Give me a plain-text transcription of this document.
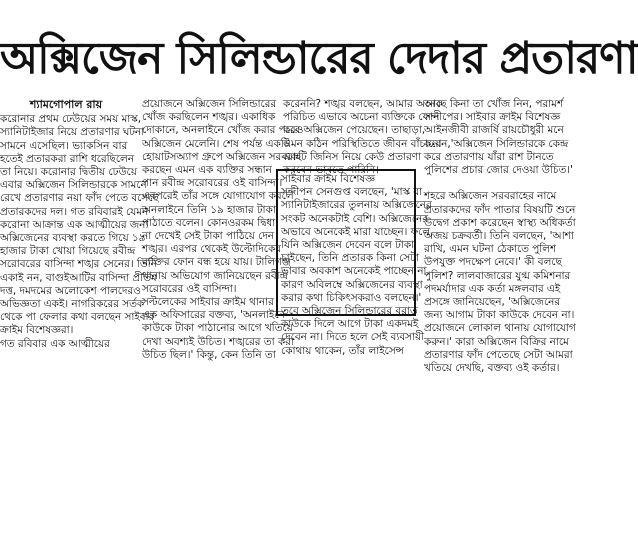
অক্সিজেন সিলিন্ডারের দেদার প্রতারণা
শ্যামগোপাল রায়
করোনার প্রথম ঢেউয়ের সময় মাস্ক,
স্যানিটাইজার নিয়ে প্রতারণার ঘটনা
সামনে এসেছিল। ভ্যাকসিন বার
হতেই প্রতারকরা রাশি ধরেছিলেন
তা নিয়ে। করোনার দ্বিতীয় ঢেউয়ে
এবার অক্সিজেন সিলিন্ডারকে সামনে
রেখে প্রতারণার নয়া ফাঁদ পেতে বসেছে
প্রতারকদের দল। গত রবিবারই যেমন
করোনা আক্রান্ত এক আত্মীয়ের জন্য
অক্সিজেনের ব্যবস্থা করতে গিয়ে ১৯
হাজার টাকা খোয়া গিয়েছে রবীন্দ্র
সরোবরের বাসিন্দা শঙ্খর সেনের। তিনি
একাই নন, বাগুইআটির বাসিন্দা প্রীতম
দত্ত, দমদমের অলোকেশ পালদেরও
অভিজ্ঞতা একই। নাগরিকরের সর্তক
থেকে পা ফেলার কথা বলছেন সাইবার
ক্রাইম বিশেষজ্ঞরা।
গত রবিবার এক আত্মীয়ের
প্রয়োজনে অক্সিজেন সিলিন্ডারের
খোঁজ করছিলেন শঙ্খর। একাধিক
দোকানে, অনলাইনে খোঁজ করার পরেও
অক্সিজেন মেলেনি। শেষ পর্যন্ত একটি
হোয়াটসঅ্যাপ গ্রুপে অক্সিজেন সরবরাহ
করছেন এমন এক ব্যক্তির সন্ধান
পান রবীন্দ্র সরোবরের ওই বাসিন্দা।
এরপরেই তাঁর সঙ্গে যোগাযোগ করলে
অনলাইনে তিনি ১৯ হাজার টাকা
পাঠাতে বলেন। কোনওরকম দ্বিধা
না দেখেই সেই টাকা পাঠিয়ে দেন
শঙ্খর। এরপর থেকেই উল্টোদিকের
ব্যক্তির ফোন বন্ধ হয়ে যায়। টালিগঞ্জ
থানায় অভিযোগ জানিয়েছেন রবীন্দ্র
সরোবরের ওই বাসিন্দা।
সল্টলেকের সাইবার ক্রাইম থানার
এক অফিসারের বক্তব্য, 'অনলাইনে
কাউকে টাকা পাঠানোর আগে খতিয়ে
দেখা অবশ্যই উচিত। শঙ্খরের তা করা
উচিত ছিল।' কিন্তু, কেন তিনি তা
করেননি? শঙ্খর বলছেন, আমার অনেক
পরিচিত এভাবে অচেনা ব্যক্তিকে ফোন
করে অক্সিজেন পেয়েছেন। তাছাড়া,
এমন কঠিন পরিস্থিতিতে জীবন বাঁচানো
একটি জিনিস নিয়ে কেউ প্রতারণা
করবেন ভাবতে পারিনি।
সাইবার ক্রাইম বিশেষজ্ঞ
সন্দীপন সেনগুপ্ত বলছেন, 'মাস্ক বা
স্যানিটাইজারের তুলনায় অক্সিজেনের
সংকট অনেকটাই বেশি। অক্সিজেনের
অভাবে অনেকেই মারা যাচ্ছেন। ফলে,
যিনি অক্সিজেন দেবেন বলে টাকা
চাইছেন, তিনি প্রতারক কিনা সেটা
ভাবার অবকাশ অনেকেই পাচ্ছেন না,
কারণ অবিলম্বে অক্সিজেনের ব্যবস্থা
করার কথা চিকিৎসকরাও বলছেন।'
তবে অক্সিজেন সিলিন্ডারের বরাত
কাউকে দিলে আগে টাকা একদমই
দেবেন না। দিতে হলে সেই ব্যবসায়ী
কোথায় থাকেন, তাঁর লাইসেন্স
আছে কিনা তা খোঁজ নিন, পরামর্শ
সন্দীপের। সাইবার ক্রাইম বিশেষজ্ঞ
আইনজীবী রাজর্ষি রায়চৌধুরী মনে
করেন,'অক্সিজেন সিলিন্ডারকে কেন্দ্র
করে প্রতারণায় যাঁরা রাশ টানতে
পুলিশের প্রচার জোর দেওয়া উচিত।'

শহরে অক্সিজেন সরবরাহের নামে
প্রতারকদের ফাঁদ পাতার বিষয়টি শুনে
উদ্বেগ প্রকাশ করেছেন স্বাস্থ্য অধিকর্তা
অজয় চক্রবর্তী। তিনি বলছেন, 'আশা
রাখি, এমন ঘটনা ঠেকাতে পুলিশ
উপযুক্ত পদক্ষেপ নেবে।' কী বলছে
পুলিশ? লালবাজারের যুগ্ম কমিশনার
পদমর্যাদার এক কর্তা মঙ্গলবার এই
প্রসঙ্গে জানিয়েছেন, 'অক্সিজেনের
জন্য আগাম টাকা কাউকে দেবেন না।
প্রয়োজনে লোকাল থানায় যোগাযোগ
করুন।' কারা অক্সিজেন বিক্রির নামে
প্রতারণার ফাঁদ পেতেছে সেটা আমরা
খতিয়ে দেখছি, বক্তব্য ওই কর্তার।
